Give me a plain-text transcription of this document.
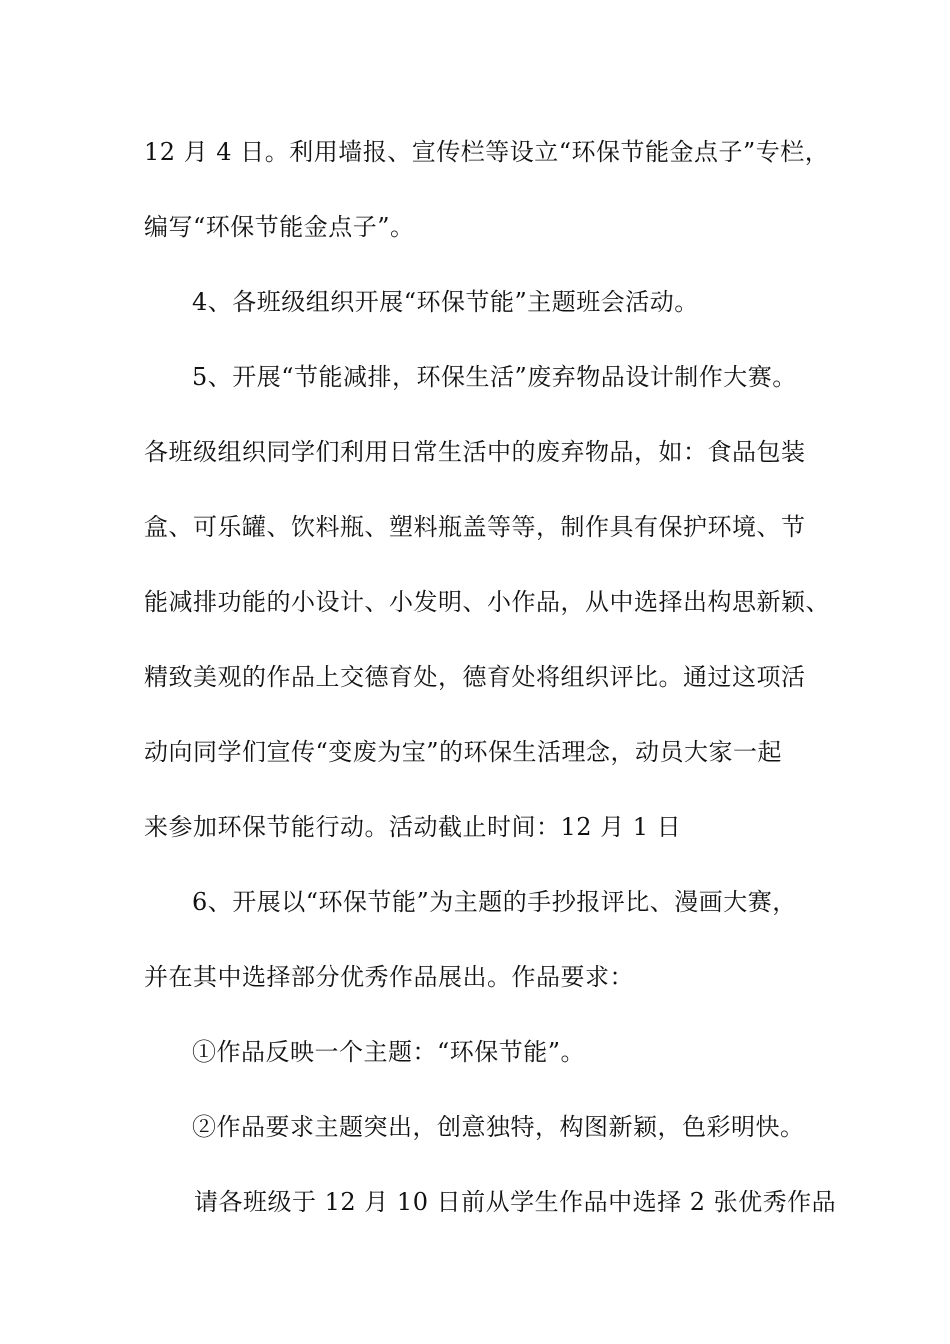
12 月 4 日。利用墙报、宣传栏等设立“环保节能金点子”专栏，
编写“环保节能金点子”。
4、各班级组织开展“环保节能”主题班会活动。
5、开展“节能减排，环保生活”废弃物品设计制作大赛。
各班级组织同学们利用日常生活中的废弃物品，如：食品包装
盒、可乐罐、饮料瓶、塑料瓶盖等等，制作具有保护环境、节
能减排功能的小设计、小发明、小作品，从中选择出构思新颖、
精致美观的作品上交德育处，德育处将组织评比。通过这项活
动向同学们宣传“变废为宝”的环保生活理念，动员大家一起
来参加环保节能行动。活动截止时间：12 月 1 日
6、开展以“环保节能”为主题的手抄报评比、漫画大赛，
并在其中选择部分优秀作品展出。作品要求：
①作品反映一个主题：“环保节能”。
②作品要求主题突出，创意独特，构图新颖，色彩明快。
请各班级于 12 月 10 日前从学生作品中选择 2 张优秀作品
